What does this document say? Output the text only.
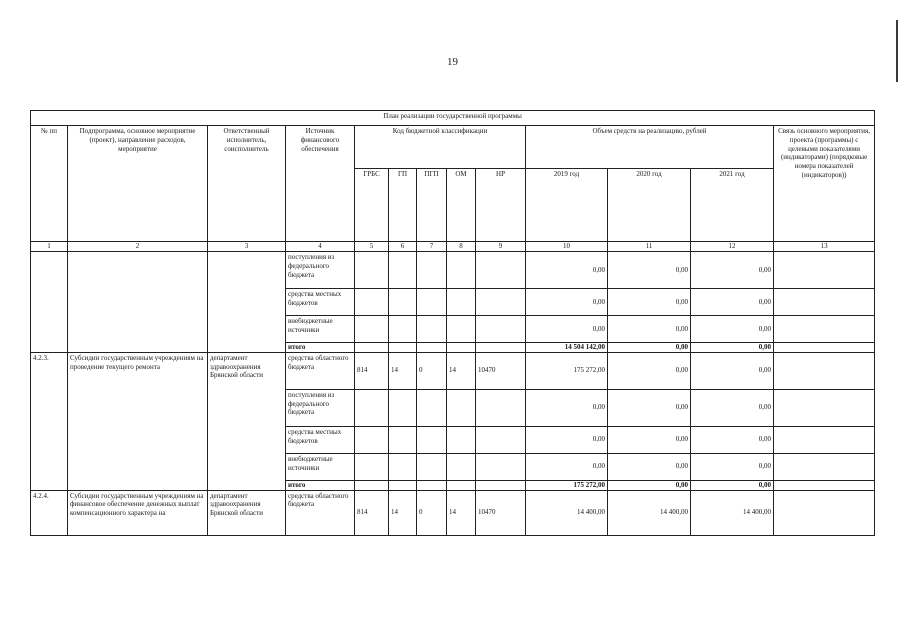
19
План реализации государственной программы												
№ пп	Подпрограмма, основное мероприятие (проект), направление расходов, мероприятие	Ответственный исполнитель, соисполнитель	Источник финансового обеспечения	Код бюджетной классификации					Объем средств на реализацию, рублей			Связь основного мероприятия, проекта (программы) с целевыми показателями (индикаторами) (порядковые номера показателей (индикаторов))
				ГРБС	ГП	ПГП	ОМ	НР	2019 год	2020 год	2021 год	
1	2	3	4	5	6	7	8	9	10	11	12	13
			поступления из федерального бюджета						0,00	0,00	0,00	
			средства местных бюджетов						0,00	0,00	0,00	
			внебюджетные источники						0,00	0,00	0,00	
			итого						14 504 142,00	0,00	0,00	
4.2.3.	Субсидии государственным учреждениям на проведение текущего ремонта	департамент здравоохранения Брянской области	средства областного бюджета	814	14	0	14	10470	175 272,00	0,00	0,00	
			поступления из федерального бюджета						0,00	0,00	0,00	
			средства местных бюджетов						0,00	0,00	0,00	
			внебюджетные источники						0,00	0,00	0,00	
			итого						175 272,00	0,00	0,00	
4.2.4.	Субсидии государственным учреждениям на финансовое обеспечение денежных выплат компенсационного характера на	департамент здравоохранения Брянской области	средства областного бюджета	814	14	0	14	10470	14 400,00	14 400,00	14 400,00	
